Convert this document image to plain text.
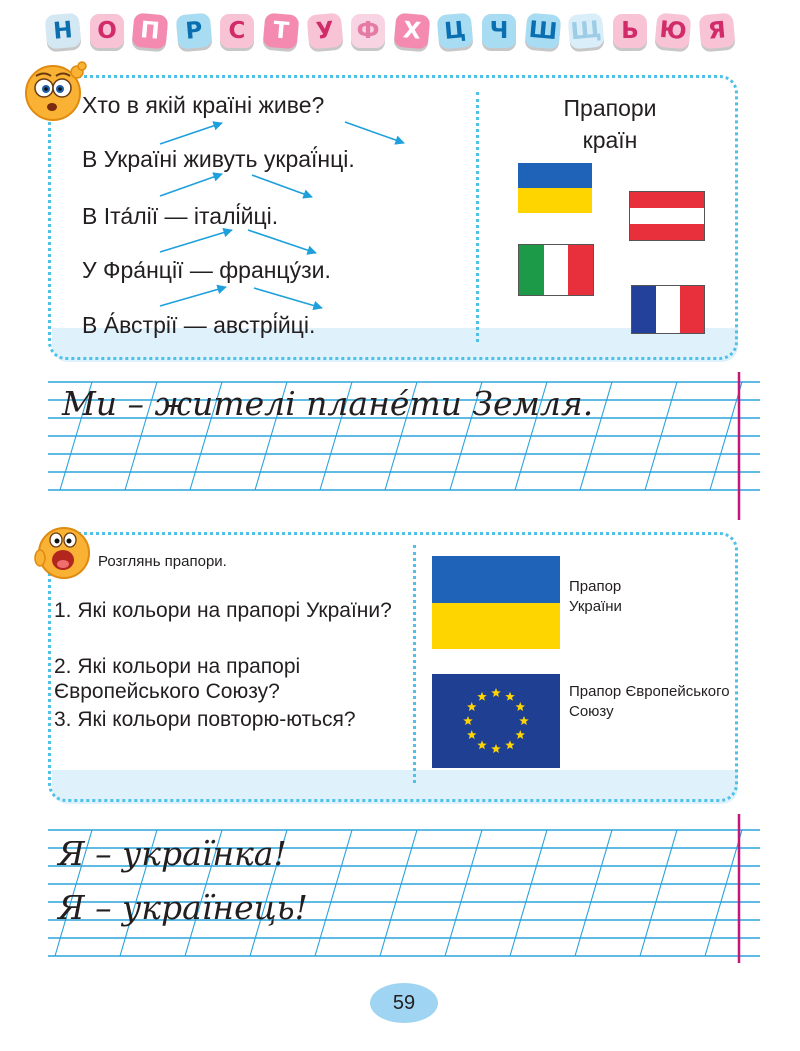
Н	О П	Р	С	Т	У Ф Х Ц Ч Ш Щ Ь Ю Я
Хто в якій країні живе?
В Україні живуть украї́нці.
В Іта́лії — італі́йці.
У Фра́нції — францу́зи.
В А́встрії — австрі́йці.
Прапори країн
Ми – жителі плане́ти Земля.
Розглянь прапори.
1. Які кольори на прапорі України?
2. Які кольори на прапорі Європейського Союзу?
3. Які кольори повторю-ються?
Прапор України
Прапор Європейського Союзу
Я – українка!
Я – українець!
59
